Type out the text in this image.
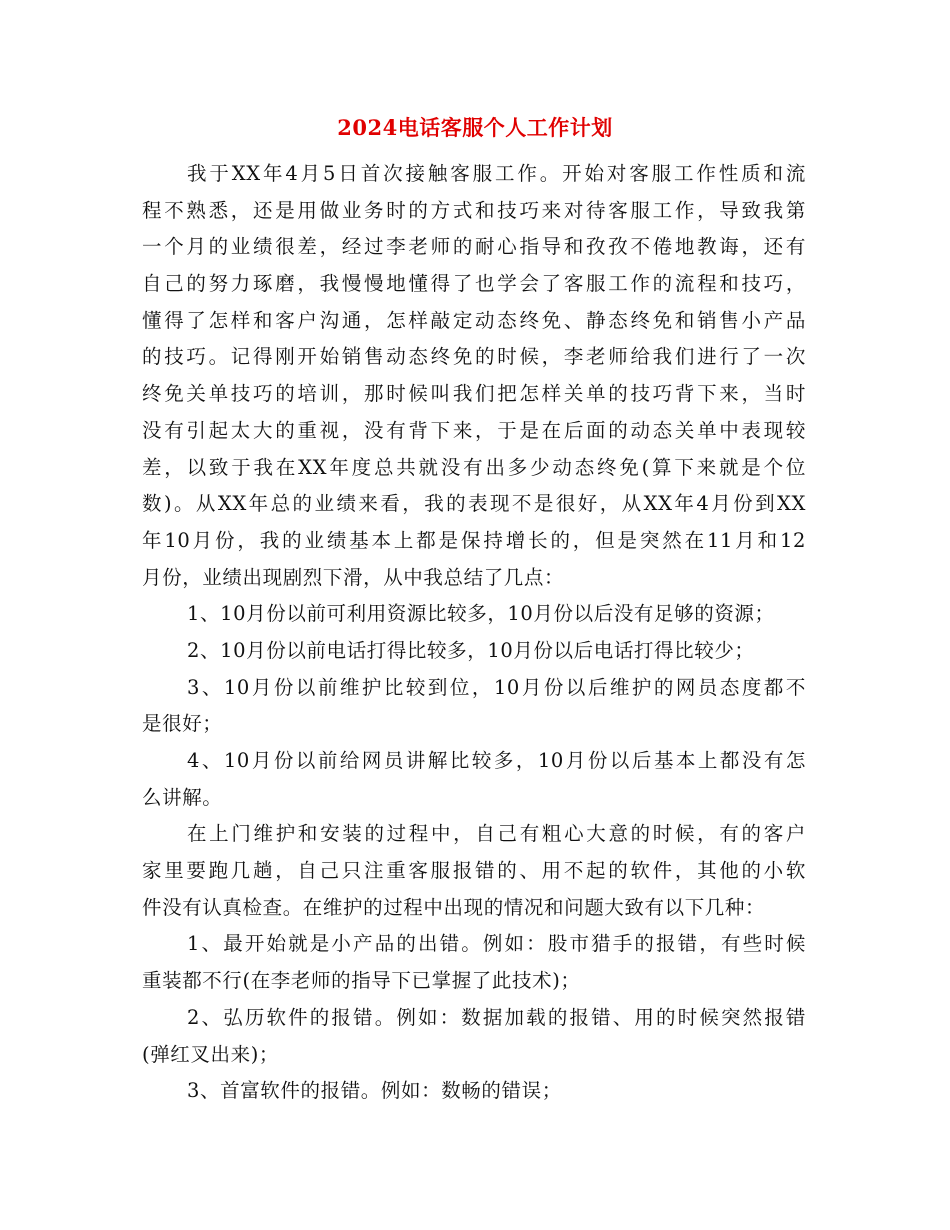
2024电话客服个人工作计划
我于XX年4月5日首次接触客服工作。开始对客服工作性质和流
程不熟悉，还是用做业务时的方式和技巧来对待客服工作，导致我第
一个月的业绩很差，经过李老师的耐心指导和孜孜不倦地教诲，还有
自己的努力琢磨，我慢慢地懂得了也学会了客服工作的流程和技巧，
懂得了怎样和客户沟通，怎样敲定动态终免、静态终免和销售小产品
的技巧。记得刚开始销售动态终免的时候，李老师给我们进行了一次
终免关单技巧的培训，那时候叫我们把怎样关单的技巧背下来，当时
没有引起太大的重视，没有背下来，于是在后面的动态关单中表现较
差，以致于我在XX年度总共就没有出多少动态终免(算下来就是个位
数)。从XX年总的业绩来看，我的表现不是很好，从XX年4月份到XX
年10月份，我的业绩基本上都是保持增长的，但是突然在11月和12
月份，业绩出现剧烈下滑，从中我总结了几点：
1、10月份以前可利用资源比较多，10月份以后没有足够的资源；
2、10月份以前电话打得比较多，10月份以后电话打得比较少；
3、10月份以前维护比较到位，10月份以后维护的网员态度都不
是很好；
4、10月份以前给网员讲解比较多，10月份以后基本上都没有怎
么讲解。
在上门维护和安装的过程中，自己有粗心大意的时候，有的客户
家里要跑几趟，自己只注重客服报错的、用不起的软件，其他的小软
件没有认真检查。在维护的过程中出现的情况和问题大致有以下几种：
1、最开始就是小产品的出错。例如：股市猎手的报错，有些时候
重装都不行(在李老师的指导下已掌握了此技术)；
2、弘历软件的报错。例如：数据加载的报错、用的时候突然报错
(弹红叉出来)；
3、首富软件的报错。例如：数畅的错误；
